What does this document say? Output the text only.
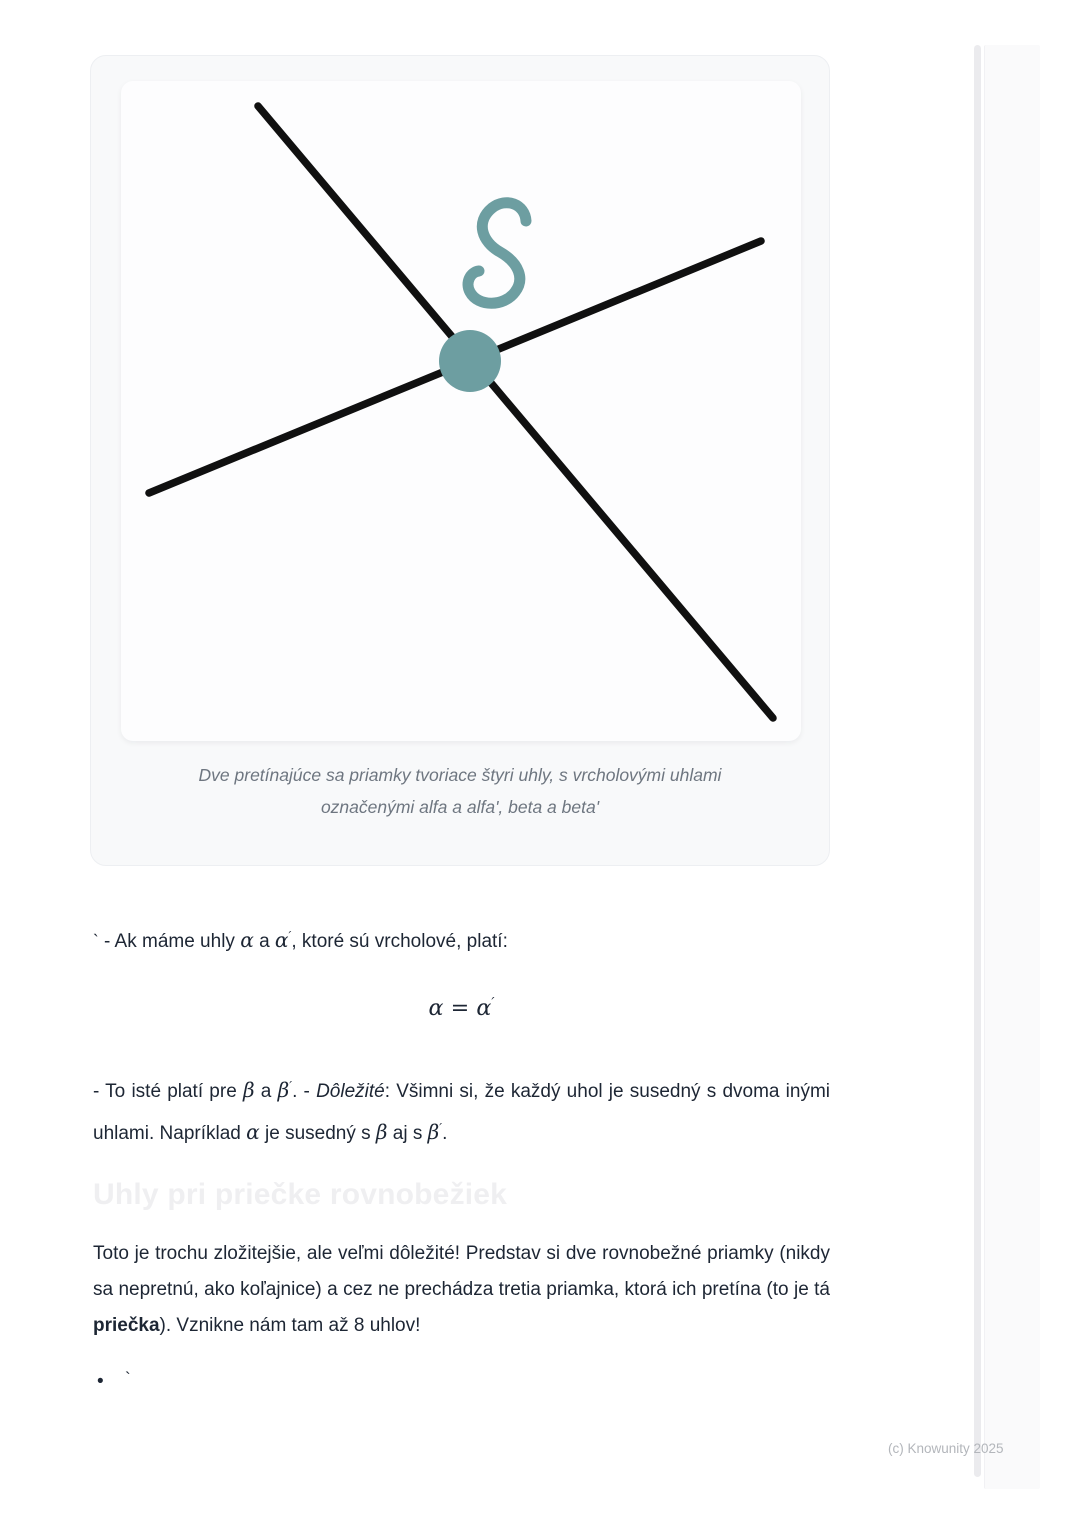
Dve pretínajúce sa priamky tvoriace štyri uhly, s vrcholovými uhlami
označenými alfa a alfa', beta a beta'

` - Ak máme uhly α a α′, ktoré sú vrcholové, platí:

α = α′

- To isté platí pre β a β′. - Dôležité: Všimni si, že každý uhol je susedný s dvoma inými uhlami. Napríklad α je susedný s β aj s β′.

Uhly pri priečke rovnobežiek

Toto je trochu zložitejšie, ale veľmi dôležité! Predstav si dve rovnobežné priamky (nikdy sa nepretnú, ako koľajnice) a cez ne prechádza tretia priamka, ktorá ich pretína (to je tá priečka). Vznikne nám tam až 8 uhlov!

•	`
(c) Knowunity 2025
